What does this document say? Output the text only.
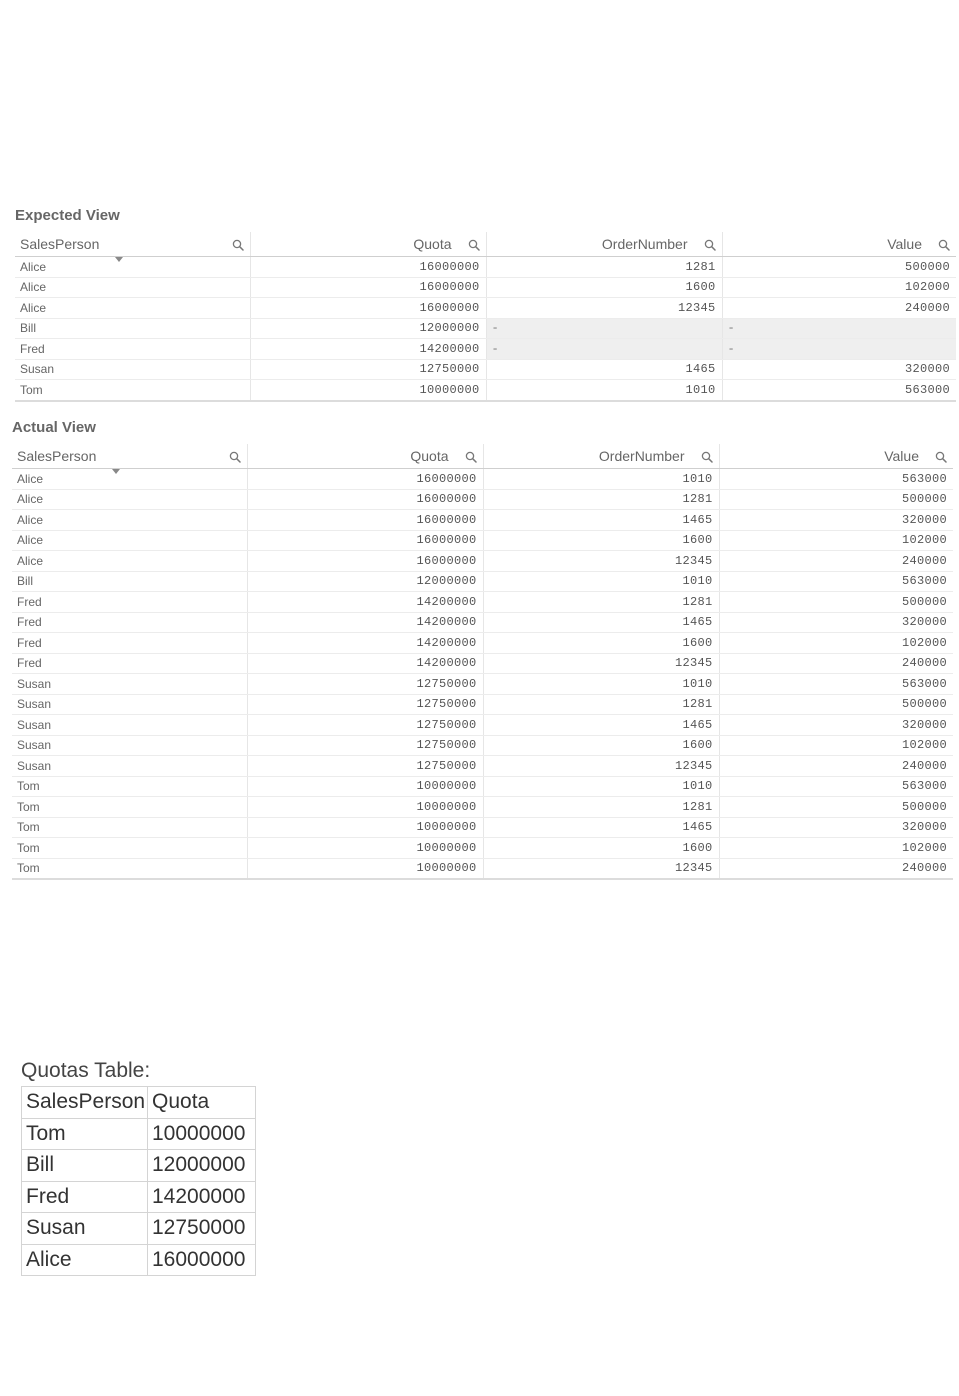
Expected View
SalesPerson	Quota	OrderNumber	Value

Alice	16000000	1281	500000
Alice	16000000	1600	102000
Alice	16000000	12345	240000
Bill	12000000	-	-
Fred	14200000	-	-
Susan	12750000	1465	320000
Tom	10000000	1010	563000
Actual View
SalesPerson	Quota	OrderNumber	Value

Alice	16000000	1010	563000
Alice	16000000	1281	500000
Alice	16000000	1465	320000
Alice	16000000	1600	102000
Alice	16000000	12345	240000
Bill	12000000	1010	563000
Fred	14200000	1281	500000
Fred	14200000	1465	320000
Fred	14200000	1600	102000
Fred	14200000	12345	240000
Susan	12750000	1010	563000
Susan	12750000	1281	500000
Susan	12750000	1465	320000
Susan	12750000	1600	102000
Susan	12750000	12345	240000
Tom	10000000	1010	563000
Tom	10000000	1281	500000
Tom	10000000	1465	320000
Tom	10000000	1600	102000
Tom	10000000	12345	240000
Quotas Table:
SalesPerson	Quota
Tom	10000000
Bill	12000000
Fred	14200000
Susan	12750000
Alice	16000000
